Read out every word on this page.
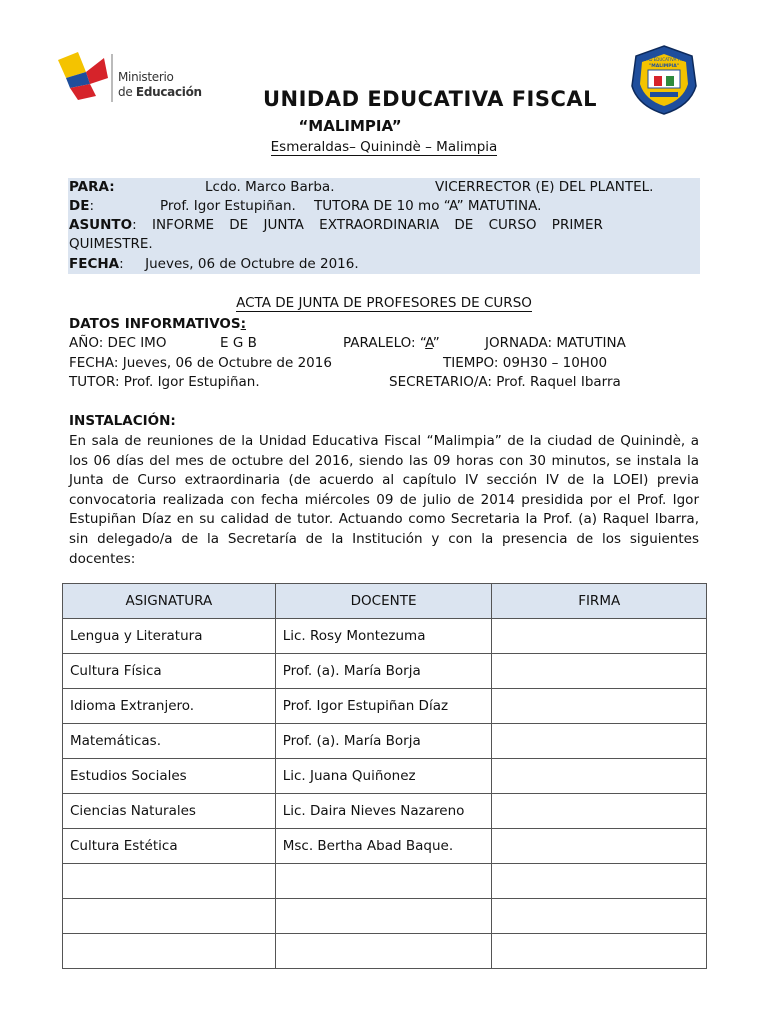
Ministerio
de Educación
UNIDAD EDUCATIVA FISCAL
"MALIMPIA"
UNIDAD EDUCATIVA FISCAL
“MALIMPIA”
Esmeraldas– Quinindè – Malimpia
PARA:	Lcdo. Marco Barba.	VICERRECTOR (E) DEL PLANTEL.
DE:	Prof. Igor Estupiñan. TUTORA DE 10 mo “A” MATUTINA.
ASUNTO: INFORME DE JUNTA EXTRAORDINARIA DE CURSO PRIMER
QUIMESTRE.
FECHA:     Jueves, 06 de Octubre de 2016.
ACTA DE JUNTA DE PROFESORES DE CURSO
DATOS INFORMATIVOS:
AÑO: DEC IMO	E G B	PARALELO: “A”	JORNADA: MATUTINA
FECHA: Jueves, 06 de Octubre de 2016	TIEMPO: 09H30 – 10H00
TUTOR: Prof. Igor Estupiñan.	SECRETARIO/A: Prof. Raquel Ibarra
INSTALACIÓN:
En sala de reuniones de la Unidad Educativa Fiscal “Malimpia” de la ciudad de Quinindè, a los 06 días del mes de octubre del 2016, siendo las 09 horas con 30 minutos, se instala la Junta de Curso extraordinaria (de acuerdo al capítulo IV sección IV de la LOEI) previa convocatoria realizada con fecha miércoles 09 de julio de 2014 presidida por el Prof. Igor Estupiñan Díaz en su calidad de tutor. Actuando como Secretaria la Prof. (a) Raquel Ibarra, sin delegado/a de la Secretaría de la Institución y con la presencia de los siguientes docentes:
ASIGNATURA	DOCENTE	FIRMA
Lengua y Literatura	Lic. Rosy Montezuma	
Cultura Física	Prof. (a). María Borja	
Idioma Extranjero.	Prof. Igor Estupiñan Díaz	
Matemáticas.	Prof. (a). María Borja	
Estudios Sociales	Lic. Juana Quiñonez	
Ciencias Naturales	Lic. Daira Nieves Nazareno	
Cultura Estética	Msc. Bertha Abad Baque.	
